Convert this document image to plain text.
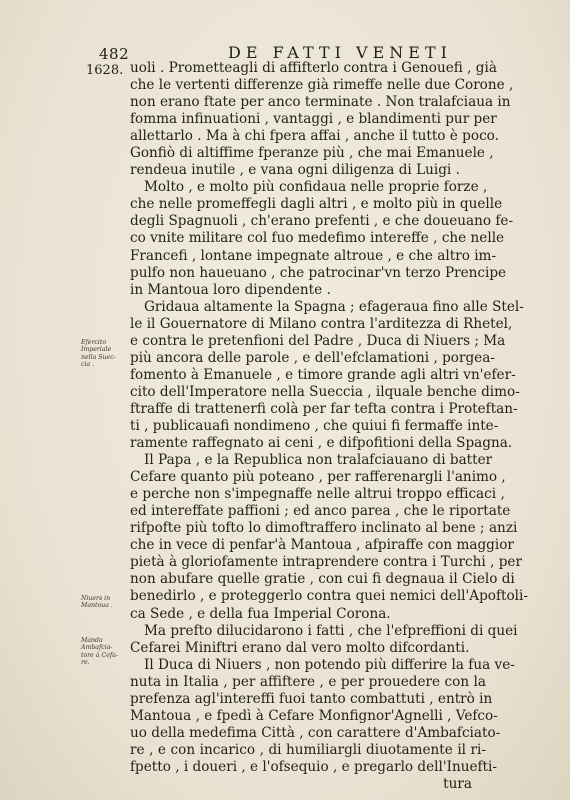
482	DE FATTI VENETI
1628. uoli . Prometteagli di affifterlo contra i Genouefi , già
che le vertenti differenze già rimeffe nelle due Corone ,
non erano ftate per anco terminate . Non tralafciaua in
fomma infinuationi , vantaggi , e blandimenti pur per
allettarlo . Ma à chi fpera affai , anche il tutto è poco.
Gonfiò di altiffime fperanze più , che mai Emanuele ,
rendeua inutile , e vana ogni diligenza di Luigi .
Molto , e molto più confidaua nelle proprie forze ,
che nelle promeffegli dagli altri , e molto più in quelle
degli Spagnuoli , ch'erano prefenti , e che doueuano fe-
co vnite militare col fuo medefimo intereffe , che nelle
Francefi , lontane impegnate altroue , e che altro im-
pulfo non haueuano , che patrocinar'vn terzo Prencipe
in Mantoua loro dipendente .
Gridaua altamente la Spagna ; efageraua fino alle Stel-
le il Gouernatore di Milano contra l'arditezza di Rhetel,
e contra le pretenfioni del Padre , Duca di Niuers ; Ma
più ancora delle parole , e dell'efclamationi , porgea-
fomento à Emanuele , e timore grande agli altri vn'efer-
cito dell'Imperatore nella Sueccia , ilquale benche dimo-
ftraffe di trattenerfi colà per far tefta contra i Proteftan-
ti , publicauafi nondimeno , che quiui fi fermaffe inte-
ramente raffegnato ai ceni , e difpofitioni della Spagna.
Il Papa , e la Republica non tralafciauano di batter
Cefare quanto più poteano , per rafferenargli l'animo ,
e perche non s'impegnaffe nelle altrui troppo efficaci ,
ed intereffate paffioni ; ed anco parea , che le riportate
rifpofte più tofto lo dimoftraffero inclinato al bene ; anzi
che in vece di penfar'à Mantoua , afpiraffe con maggior
pietà à gloriofamente intraprendere contra i Turchi , per
non abufare quelle gratie , con cui fi degnaua il Cielo di
benedirlo , e proteggerlo contra quei nemici dell'Apoftoli-
ca Sede , e della fua Imperial Corona.
Ma prefto dilucidarono i fatti , che l'efpreffioni di quei
Cefarei Miniftri erano dal vero molto difcordanti.
Il Duca di Niuers , non potendo più differire la fua ve-
nuta in Italia , per affiftere , e per prouedere con la
prefenza agl'intereffi fuoi tanto combattuti , entrò in
Mantoua , e fpedì à Cefare Monfignor'Agnelli , Vefco-
uo della medefima Città , con carattere d'Ambafciato-
re , e con incarico , di humiliargli diuotamente il ri-
fpetto , i doueri , e l'ofsequio , e pregarlo dell'Inuefti-
tura
Efercito
Imperiale
nella Suec-
cia .
Niuers in
Mantoua .
Manda
Ambafcia-
tore à Cefa-
re.
